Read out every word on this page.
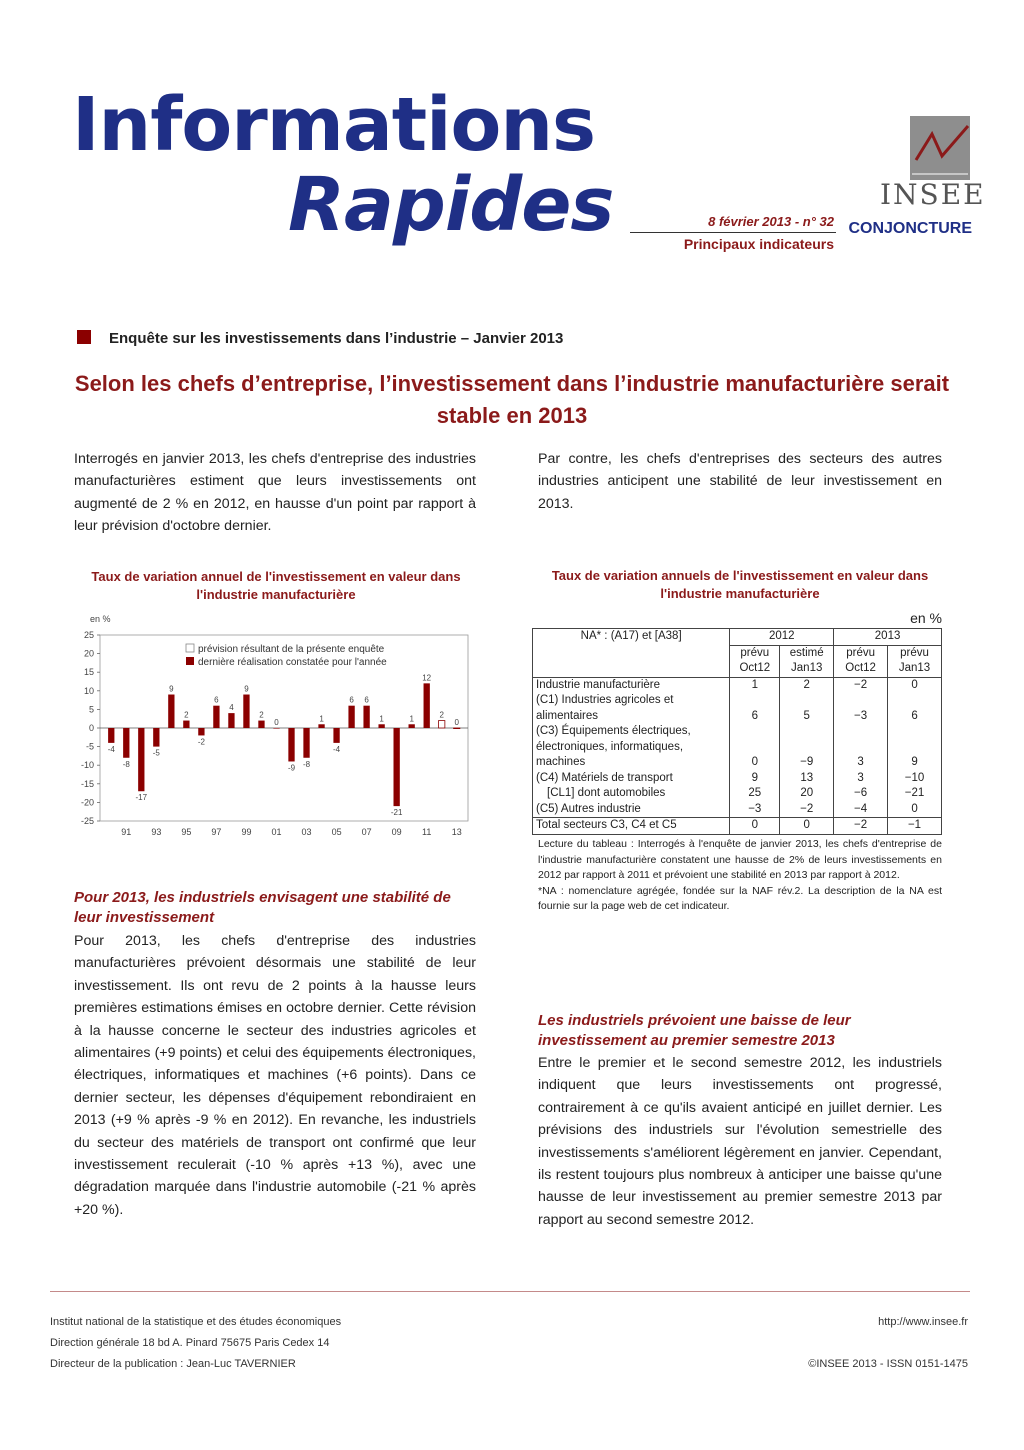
Informations
Rapides	8 février 2013 - n° 32
Principaux indicateurs
INSEE
CONJONCTURE
Enquête sur les investissements dans l’industrie – Janvier 2013
Selon les chefs d’entreprise, l’investissement dans l’industrie manufacturière serait stable en 2013
Interrogés en janvier 2013, les chefs d'entreprise des industries manufacturières estiment que leurs investissements ont augmenté de 2 % en 2012, en hausse d'un point par rapport à leur prévision d'octobre dernier.
Par contre, les chefs d'entreprises des secteurs des autres industries anticipent une stabilité de leur investissement en 2013.
Taux de variation annuel de l'investissement en valeur dans l'industrie manufacturière
en %
25
20
15
10
5
0
-5
-10
-15
-20
-25
91 93 95 97 99 01 03 05 07 09 11 13
2
0
-4
-8
-17
-5
9
2
-2
6
4
9
2
0
-9 -8
1
-4
6 6
1
-21
1
12
prévision résultant de la présente enquête
dernière réalisation constatée pour l'année
Pour 2013, les industriels envisagent une stabilité de leur investissement
Pour 2013, les chefs d'entreprise des industries manufacturières prévoient désormais une stabilité de leur investissement. Ils ont revu de 2 points à la hausse leurs premières estimations émises en octobre dernier. Cette révision à la hausse concerne le secteur des industries agricoles et alimentaires (+9 points) et celui des équipements électroniques, électriques, informatiques et machines (+6 points). Dans ce dernier secteur, les dépenses d'équipement rebondiraient en 2013 (+9 % après -9 % en 2012). En revanche, les industriels du secteur des matériels de transport ont confirmé que leur investissement reculerait (-10 % après +13 %), avec une dégradation marquée dans l'industrie automobile (-21 % après +20 %).
Taux de variation annuels de l'investissement en valeur dans l'industrie manufacturière
en %
NA* : (A17) et [A38]	2012		2013	
	prévu	estimé	prévu	prévu
	Oct12	Jan13	Oct12	Jan13
Industrie manufacturière	1	2	−2	0
(C1) Industries agricoles et alimentaires	6	5	−3	6
(C3) Équipements électriques, électroniques, informatiques, machines	0	−9	3	9
(C4) Matériels de transport	9	13	3	−10
[CL1] dont automobiles	25	20	−6	−21
(C5) Autres industrie	−3	−2	−4	0
Total secteurs C3, C4 et C5	0	0	−2	−1
Lecture du tableau : Interrogés à l'enquête de janvier 2013, les chefs d'entreprise de l'industrie manufacturière constatent une hausse de 2% de leurs investissements en 2012 par rapport à 2011 et prévoient une stabilité en 2013 par rapport à 2012.
*NA : nomenclature agrégée, fondée sur la NAF rév.2. La description de la NA est fournie sur la page web de cet indicateur.
Les industriels prévoient une baisse de leur investissement au premier semestre 2013
Entre le premier et le second semestre 2012, les industriels indiquent que leurs investissements ont progressé, contrairement à ce qu'ils avaient anticipé en juillet dernier. Les prévisions des industriels sur l'évolution semestrielle des investissements s'améliorent légèrement en janvier. Cependant, ils restent toujours plus nombreux à anticiper une baisse qu'une hausse de leur investissement au premier semestre 2013 par rapport au second semestre 2012.
Institut national de la statistique et des études économiques
Direction générale 18 bd A. Pinard 75675 Paris Cedex 14
Directeur de la publication : Jean-Luc TAVERNIER
http://www.insee.fr

©INSEE 2013 - ISSN 0151-1475
